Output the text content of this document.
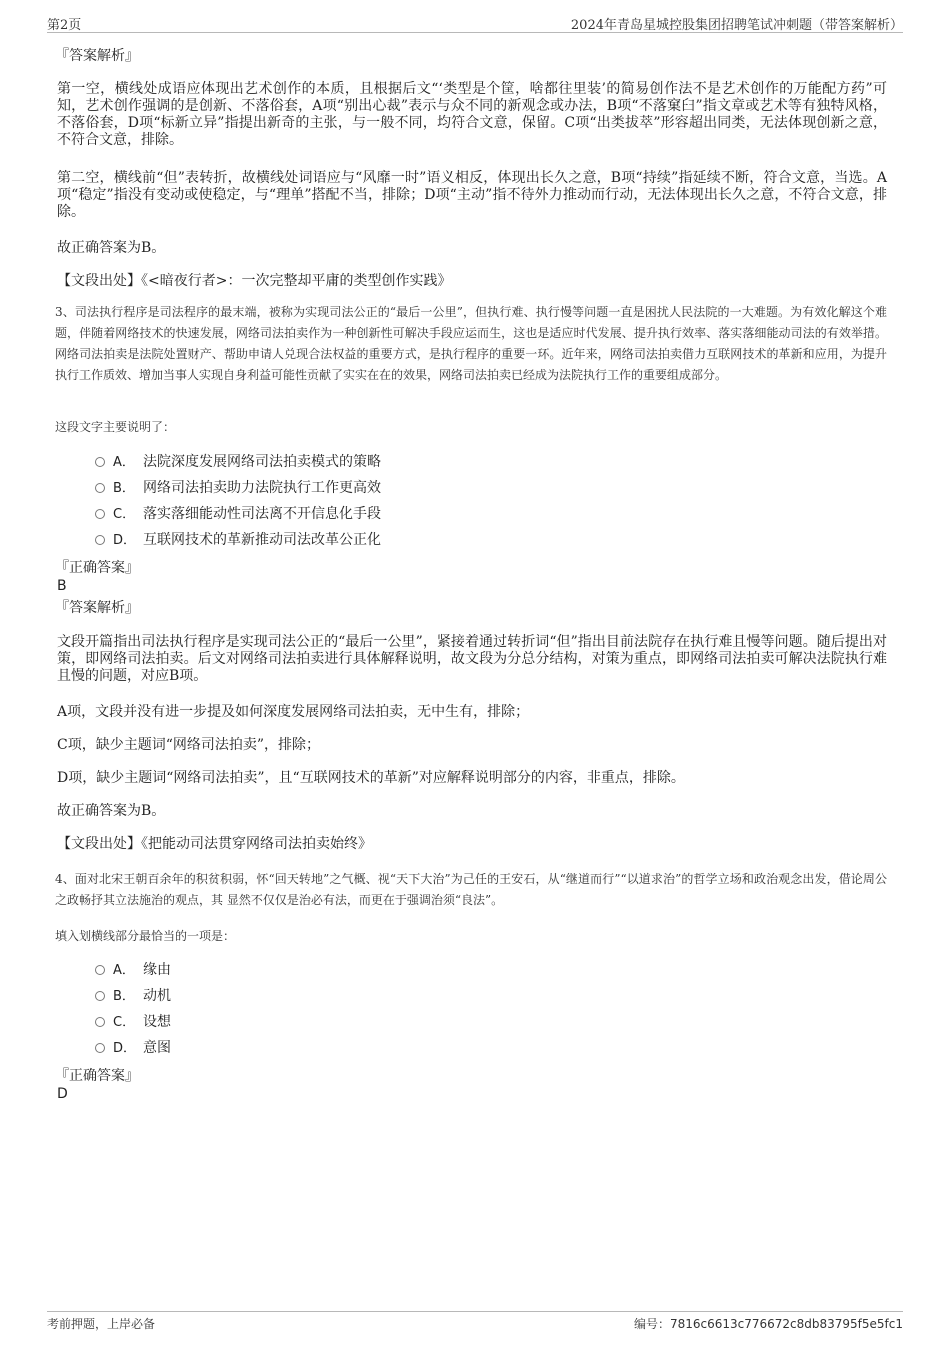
第2页	2024年青岛星城控股集团招聘笔试冲刺题（带答案解析）
『答案解析』
第一空，横线处成语应体现出艺术创作的本质，且根据后文“‘类型是个筐，啥都往里装’的简易创作法不是艺术创作的万能配方药”可知，艺术创作强调的是创新、不落俗套，A项“别出心裁”表示与众不同的新观念或办法，B项“不落窠臼”指文章或艺术等有独特风格，不落俗套，D项“标新立异”指提出新奇的主张，与一般不同，均符合文意，保留。C项“出类拔萃”形容超出同类，无法体现创新之意，不符合文意，排除。
第二空，横线前“但”表转折，故横线处词语应与“风靡一时”语义相反，体现出长久之意，B项“持续”指延续不断，符合文意，当选。A项“稳定”指没有变动或使稳定，与“理单”搭配不当，排除；D项“主动”指不待外力推动而行动，无法体现出长久之意，不符合文意，排除。
故正确答案为B。
【文段出处】《<暗夜行者>：一次完整却平庸的类型创作实践》
3、司法执行程序是司法程序的最末端，被称为实现司法公正的“最后一公里”，但执行难、执行慢等问题一直是困扰人民法院的一大难题。为有效化解这个难题，伴随着网络技术的快速发展，网络司法拍卖作为一种创新性可解决手段应运而生，这也是适应时代发展、提升执行效率、落实落细能动司法的有效举措。网络司法拍卖是法院处置财产、帮助申请人兑现合法权益的重要方式，是执行程序的重要一环。近年来，网络司法拍卖借力互联网技术的革新和应用，为提升执行工作质效、增加当事人实现自身利益可能性贡献了实实在在的效果，网络司法拍卖已经成为法院执行工作的重要组成部分。
这段文字主要说明了：
A． 法院深度发展网络司法拍卖模式的策略
B． 网络司法拍卖助力法院执行工作更高效
C． 落实落细能动性司法离不开信息化手段
D． 互联网技术的革新推动司法改革公正化
『正确答案』
B
『答案解析』
文段开篇指出司法执行程序是实现司法公正的“最后一公里”，紧接着通过转折词“但”指出目前法院存在执行难且慢等问题。随后提出对策，即网络司法拍卖。后文对网络司法拍卖进行具体解释说明，故文段为分总分结构，对策为重点，即网络司法拍卖可解决法院执行难且慢的问题，对应B项。
A项，文段并没有进一步提及如何深度发展网络司法拍卖，无中生有，排除；
C项，缺少主题词“网络司法拍卖”，排除；
D项，缺少主题词“网络司法拍卖”，且“互联网技术的革新”对应解释说明部分的内容，非重点，排除。
故正确答案为B。
【文段出处】《把能动司法贯穿网络司法拍卖始终》
4、面对北宋王朝百余年的积贫积弱，怀“回天转地”之气概、视“天下大治”为己任的王安石，从“继道而行”“以道求治”的哲学立场和政治观念出发，借论周公之政畅抒其立法施治的观点，其 显然不仅仅是治必有法，而更在于强调治须“良法”。
填入划横线部分最恰当的一项是：
A． 缘由
B． 动机
C． 设想
D． 意图
『正确答案』
D
考前押题，上岸必备	编号：7816c6613c776672c8db83795f5e5fc1
